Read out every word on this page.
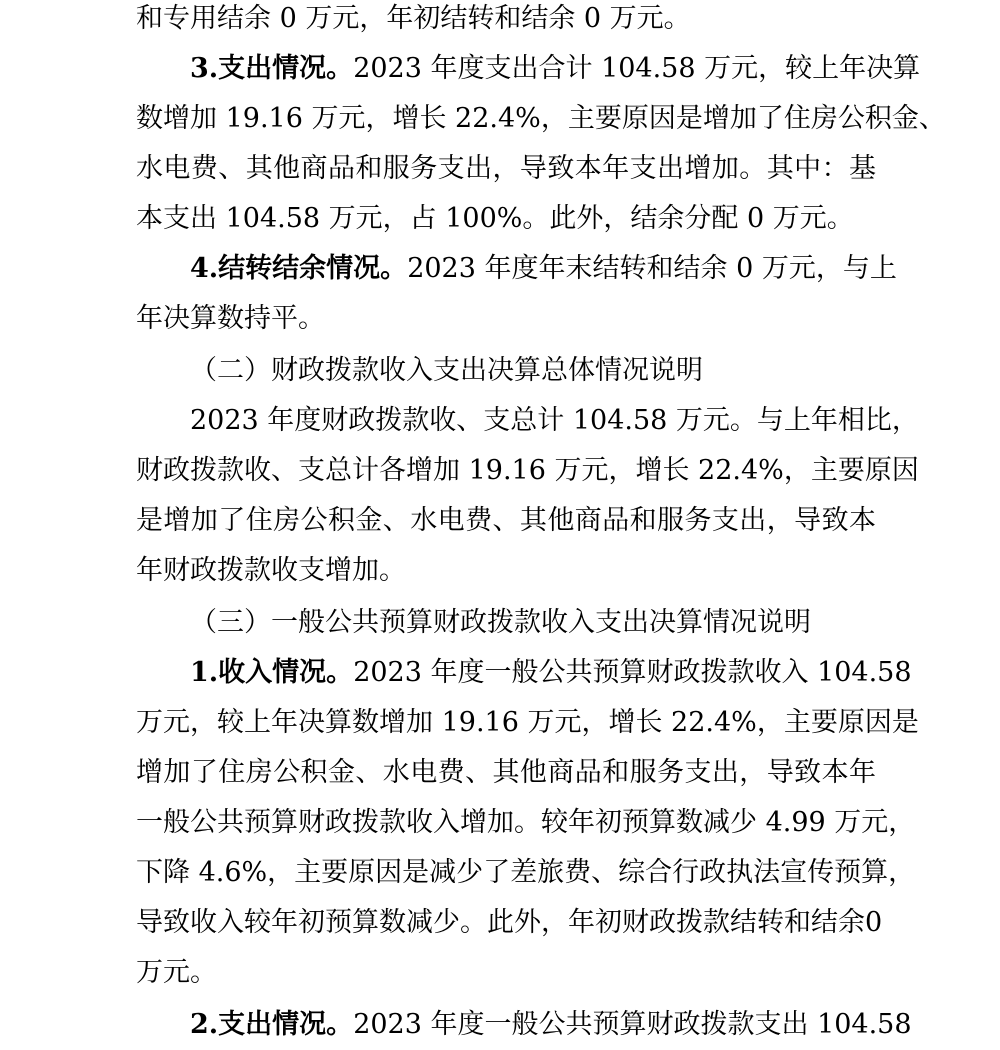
和专用结余 0 万元，年初结转和结余 0 万元。
3.支出情况。2023 年度支出合计 104.58 万元，较上年决算
数增加 19.16 万元，增长 22.4%，主要原因是增加了住房公积金、
水电费、其他商品和服务支出，导致本年支出增加。其中：基
本支出 104.58 万元，占 100%。此外，结余分配 0 万元。
4.结转结余情况。2023 年度年末结转和结余 0 万元，与上
年决算数持平。
（二）财政拨款收入支出决算总体情况说明
2023 年度财政拨款收、支总计 104.58 万元。与上年相比，
财政拨款收、支总计各增加 19.16 万元，增长 22.4%，主要原因
是增加了住房公积金、水电费、其他商品和服务支出，导致本
年财政拨款收支增加。
（三）一般公共预算财政拨款收入支出决算情况说明
1.收入情况。2023 年度一般公共预算财政拨款收入 104.58
万元，较上年决算数增加 19.16 万元，增长 22.4%，主要原因是
增加了住房公积金、水电费、其他商品和服务支出，导致本年
一般公共预算财政拨款收入增加。较年初预算数减少 4.99 万元，
下降 4.6%，主要原因是减少了差旅费、综合行政执法宣传预算，
导致收入较年初预算数减少。此外，年初财政拨款结转和结余0
万元。
2.支出情况。2023 年度一般公共预算财政拨款支出 104.58
